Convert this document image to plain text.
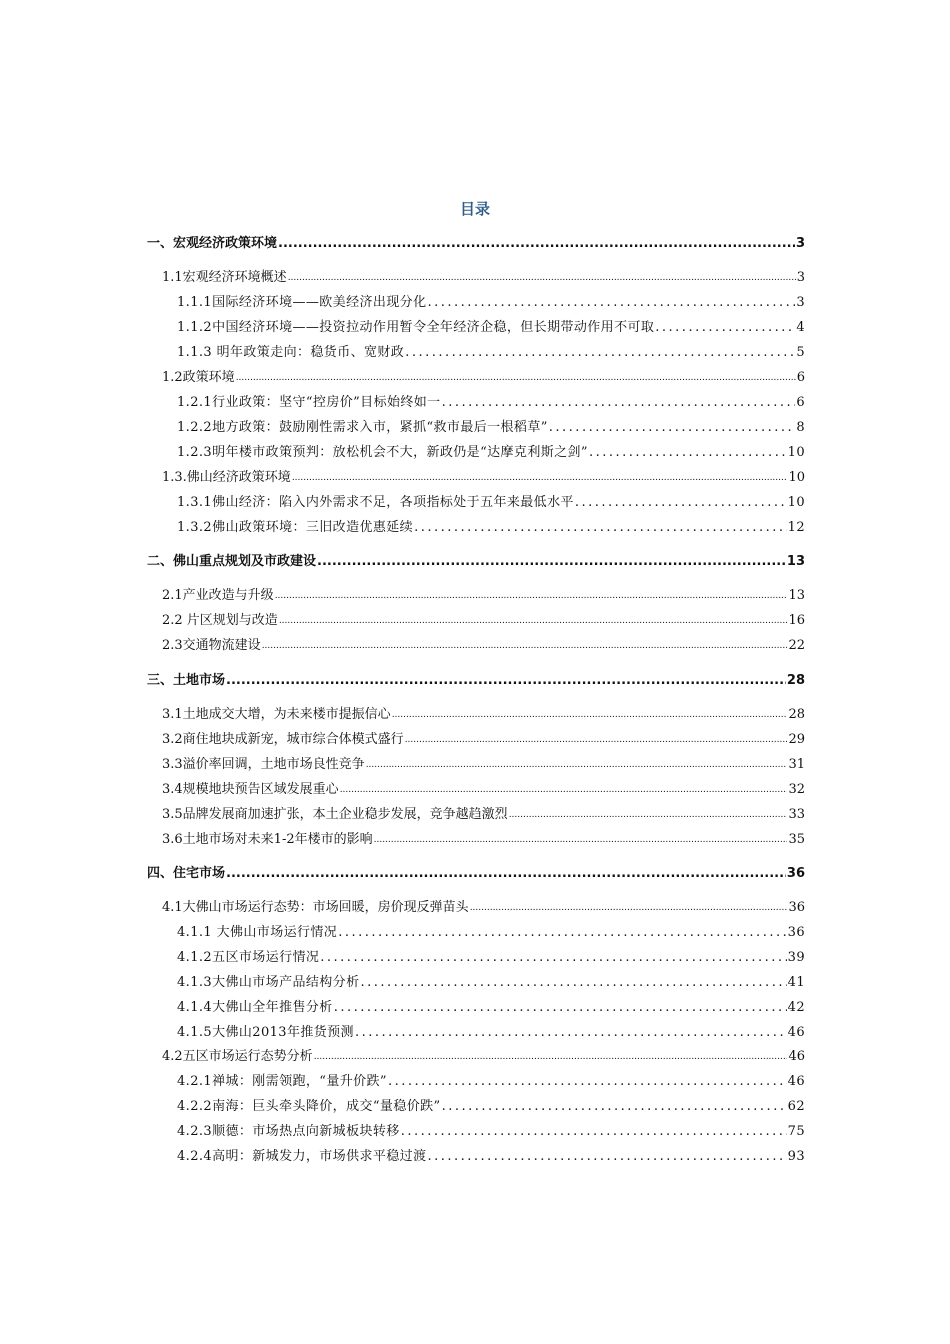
目录
一、宏观经济政策环境 .....	3
1.1宏观经济环境概述 .....	3
1.1.1国际经济环境——欧美经济出现分化 .....	3
1.1.2中国经济环境——投资拉动作用暂令全年经济企稳，但长期带动作用不可取 .....	4
1.1.3 明年政策走向：稳货币、宽财政 .....	5
1.2政策环境 .....	6
1.2.1行业政策：坚守“控房价”目标始终如一 .....	6
1.2.2地方政策：鼓励刚性需求入市，紧抓“救市最后一根稻草” .....	8
1.2.3明年楼市政策预判：放松机会不大，新政仍是“达摩克利斯之剑” .....	10
1.3.佛山经济政策环境 .....	10
1.3.1佛山经济：陷入内外需求不足，各项指标处于五年来最低水平 .....	10
1.3.2佛山政策环境：三旧改造优惠延续 .....	12
二、佛山重点规划及市政建设 .....	13
2.1产业改造与升级 .....	13
2.2 片区规划与改造 .....	16
2.3交通物流建设 .....	22
三、土地市场 .....	28
3.1土地成交大增，为未来楼市提振信心 .....	28
3.2商住地块成新宠，城市综合体模式盛行 .....	29
3.3溢价率回调，土地市场良性竞争 .....	31
3.4规模地块预告区域发展重心 .....	32
3.5品牌发展商加速扩张，本土企业稳步发展，竞争越趋激烈 .....	33
3.6土地市场对未来1-2年楼市的影响 .....	35
四、住宅市场 .....	36
4.1大佛山市场运行态势：市场回暖，房价现反弹苗头 .....	36
4.1.1 大佛山市场运行情况 .....	36
4.1.2五区市场运行情况 .....	39
4.1.3大佛山市场产品结构分析 .....	41
4.1.4大佛山全年推售分析 .....	42
4.1.5大佛山2013年推货预测 .....	46
4.2五区市场运行态势分析 .....	46
4.2.1禅城：刚需领跑，“量升价跌” .....	46
4.2.2南海：巨头牵头降价，成交“量稳价跌” .....	62
4.2.3顺德：市场热点向新城板块转移 .....	75
4.2.4高明：新城发力，市场供求平稳过渡 .....	93
